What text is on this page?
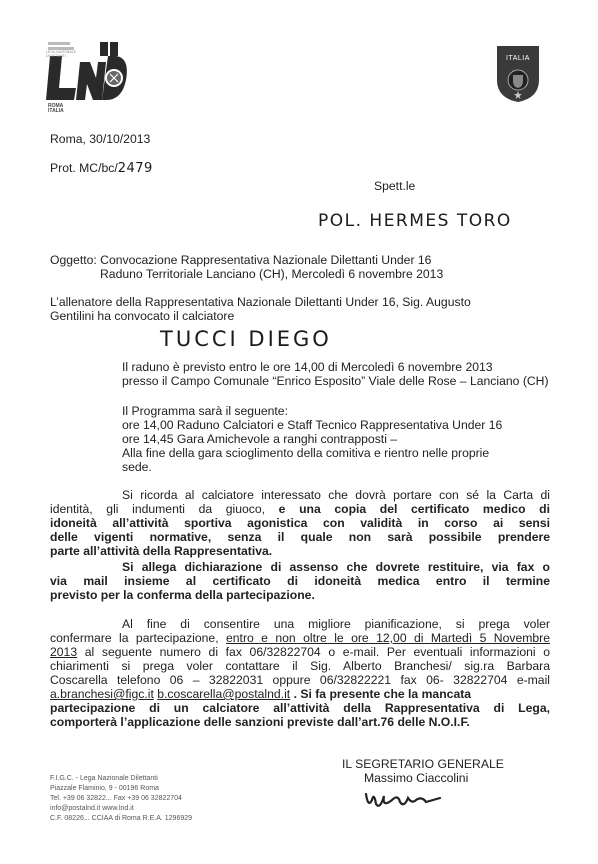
LEGA NAZIONALE DILETTANTI
ROMA ITALIA
ITALIA
Roma, 30/10/2013
Prot. MC/bc/2479
Spett.le
POL. HERMES TORO
Oggetto: Convocazione Rappresentativa Nazionale Dilettanti Under 16
Raduno Territoriale Lanciano (CH), Mercoledì 6 novembre 2013
L’allenatore della Rappresentativa Nazionale Dilettanti Under 16, Sig. Augusto
Gentilini ha convocato il calciatore
TUCCI DIEGO
Il raduno è previsto entro le ore 14,00 di Mercoledì 6 novembre 2013
presso il Campo Comunale “Enrico Esposito” Viale delle Rose – Lanciano (CH)
Il Programma sarà il seguente:
ore 14,00 Raduno Calciatori e Staff Tecnico Rappresentativa Under 16
ore 14,45 Gara Amichevole a ranghi contrapposti –
Alla fine della gara scioglimento della comitiva e rientro nelle proprie
sede.
Si ricorda al calciatore interessato che dovrà portare con sé la Carta di
identità, gli indumenti da giuoco, e una copia del certificato medico di
idoneità all’attività sportiva agonistica con validità in corso ai sensi
delle vigenti normative, senza il quale non sarà possibile prendere
parte all’attività della Rappresentativa.
Si allega dichiarazione di assenso che dovrete restituire, via fax o
via mail insieme al certificato di idoneità medica entro il termine
previsto per la conferma della partecipazione.
Al fine di consentire una migliore pianificazione, si prega voler
confermare la partecipazione, entro e non oltre le ore 12,00 di Martedì 5 Novembre
2013 al seguente numero di fax 06/32822704 o e-mail. Per eventuali informazioni o
chiarimenti si prega voler contattare il Sig. Alberto Branchesi/ sig.ra Barbara
Coscarella telefono 06 – 32822031 oppure 06/32822221 fax 06- 32822704 e-mail
a.branchesi@figc.it b.coscarella@postalnd.it . Si fa presente che la mancata
partecipazione di un calciatore all’attività della Rappresentativa di Lega,
comporterà l’applicazione delle sanzioni previste dall’art.76 delle N.O.I.F.
IL SEGRETARIO GENERALE
Massimo Ciaccolini
F.I.G.C. - Lega Nazionale Dilettanti
Piazzale Flaminio, 9 - 00196 Roma
Tel. +39 06 32822... Fax +39 06 32822704
info@postalnd.it www.lnd.it
C.F. 08226... CCIAA di Roma R.E.A. 1296929
